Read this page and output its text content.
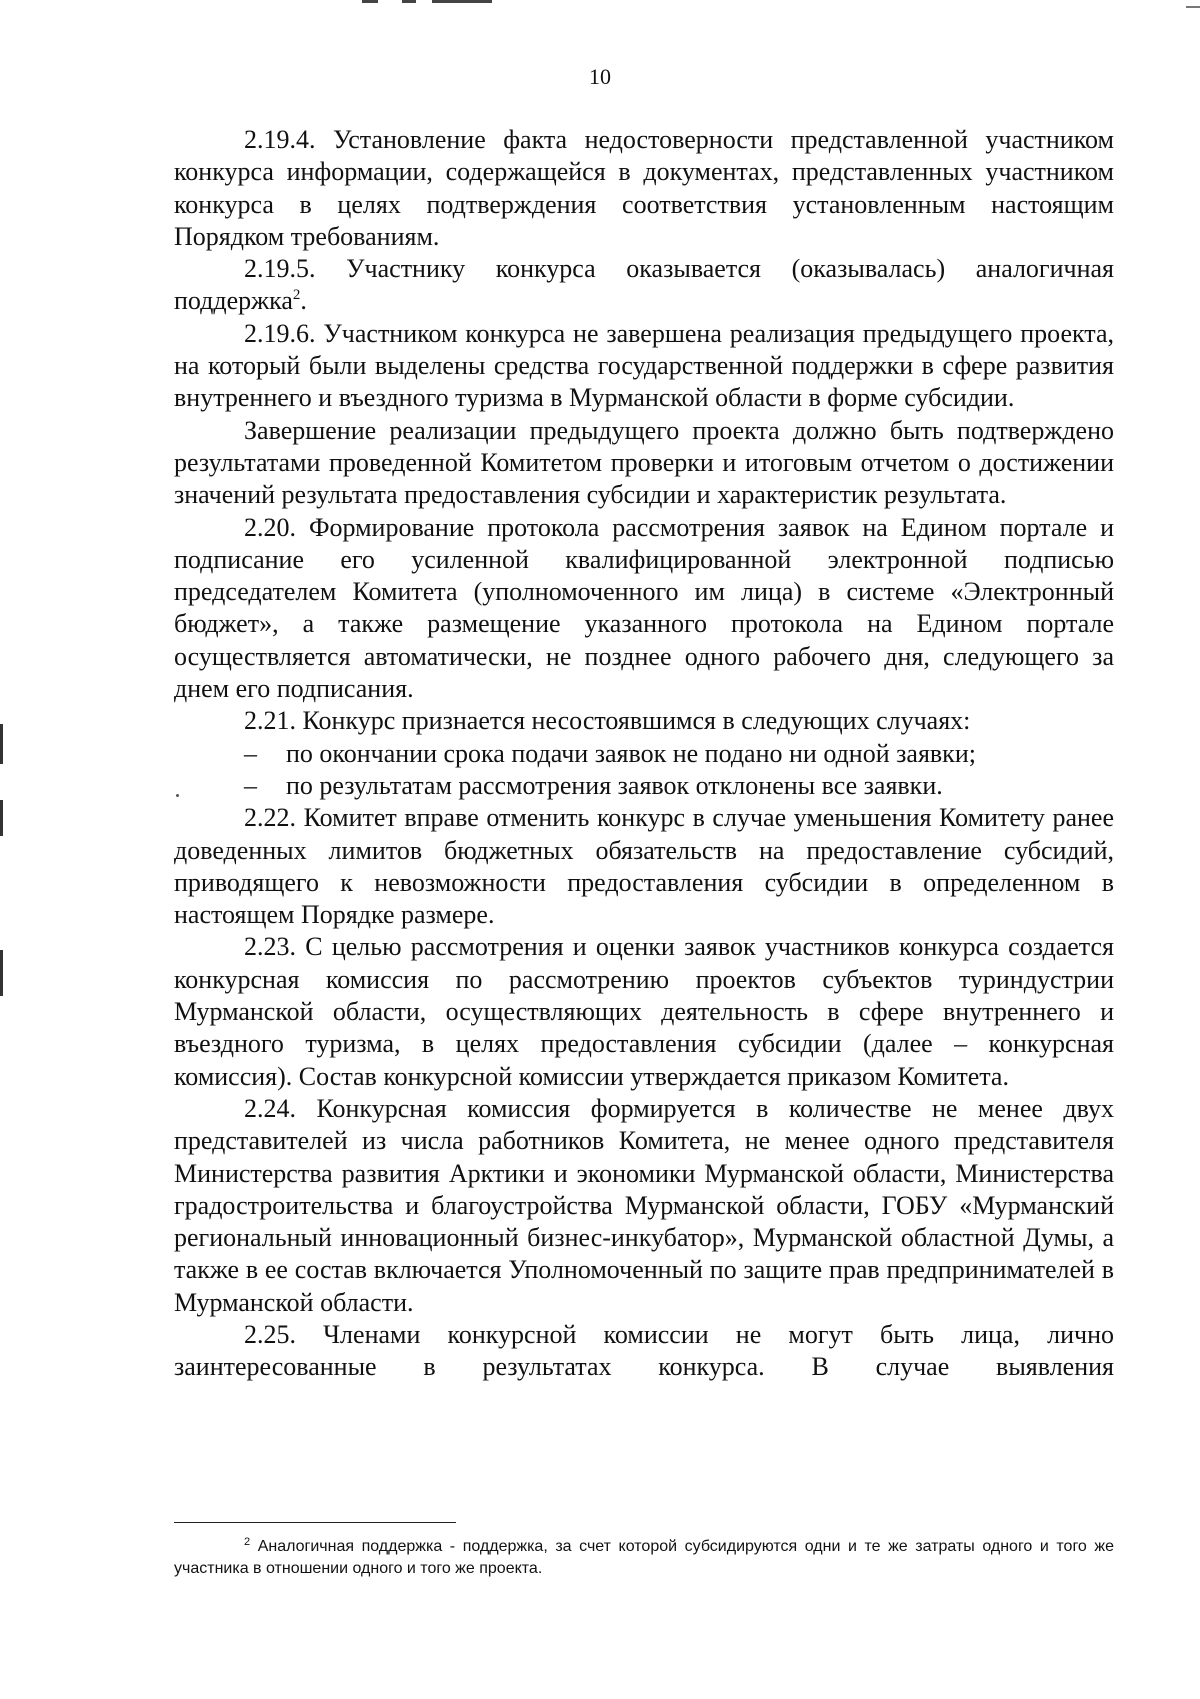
10

2.19.4. Установление факта недостоверности представленной участником конкурса информации, содержащейся в документах, представленных участником конкурса в целях подтверждения соответствия установленным настоящим Порядком требованиям.

2.19.5. Участнику конкурса оказывается (оказывалась) аналогичная поддержка$^2$.

2.19.6. Участником конкурса не завершена реализация предыдущего проекта, на который были выделены средства государственной поддержки в сфере развития внутреннего и въездного туризма в Мурманской области в форме субсидии.

Завершение реализации предыдущего проекта должно быть подтверждено результатами проведенной Комитетом проверки и итоговым отчетом о достижении значений результата предоставления субсидии и характеристик результата.

2.20. Формирование протокола рассмотрения заявок на Едином портале и подписание его усиленной квалифицированной электронной подписью председателем Комитета (уполномоченного им лица) в системе «Электронный бюджет», а также размещение указанного протокола на Едином портале осуществляется автоматически, не позднее одного рабочего дня, следующего за днем его подписания.

2.21. Конкурс признается несостоявшимся в следующих случаях:

– по окончании срока подачи заявок не подано ни одной заявки;

– по результатам рассмотрения заявок отклонены все заявки.

2.22. Комитет вправе отменить конкурс в случае уменьшения Комитету ранее доведенных лимитов бюджетных обязательств на предоставление субсидий, приводящего к невозможности предоставления субсидии в определенном в настоящем Порядке размере.

2.23. С целью рассмотрения и оценки заявок участников конкурса создается конкурсная комиссия по рассмотрению проектов субъектов туриндустрии Мурманской области, осуществляющих деятельность в сфере внутреннего и въездного туризма, в целях предоставления субсидии (далее – конкурсная комиссия). Состав конкурсной комиссии утверждается приказом Комитета.

2.24. Конкурсная комиссия формируется в количестве не менее двух представителей из числа работников Комитета, не менее одного представителя Министерства развития Арктики и экономики Мурманской области, Министерства градостроительства и благоустройства Мурманской области, ГОБУ «Мурманский региональный инновационный бизнес-инкубатор», Мурманской областной Думы, а также в ее состав включается Уполномоченный по защите прав предпринимателей в Мурманской области.

2.25. Членами конкурсной комиссии не могут быть лица, лично заинтересованные в результатах конкурса. В случае выявления

$^2$ Аналогичная поддержка - поддержка, за счет которой субсидируются одни и те же затраты одного и того же участника в отношении одного и того же проекта.
